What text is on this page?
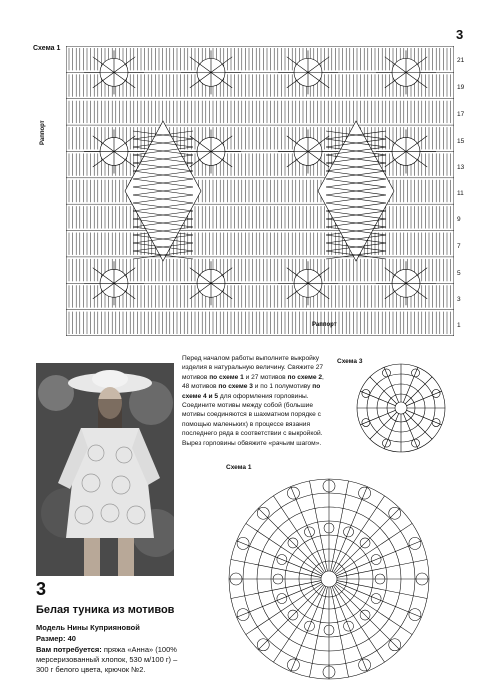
3
Схема 1
Раппорт
Раппорт
21
19
17
15
13
11
9
7
5
3
1
Перед началом работы выполните выкройку изделия в натуральную величину. Свяжите 27 мотивов по схеме 1 и 27 мотивов по схеме 2, 48 мотивов по схеме 3 и по 1 полумотиву по схеме 4 и 5 для оформления горловины. Соедините мотивы между собой (большие мотивы соединяются в шахматном порядке с помощью маленьких) в процессе вязания последнего ряда в соответствии с выкройкой. Вырез горловины обвяжите «рачьим шагом».
Схема 3
Схема 1
3
Белая туника из мотивов
Модель Нины Куприяновой
Размер: 40
Вам потребуется: пряжа «Анна» (100% мерсеризованный хлопок, 530 м/100 г) – 300 г белого цвета, крючок №2.
